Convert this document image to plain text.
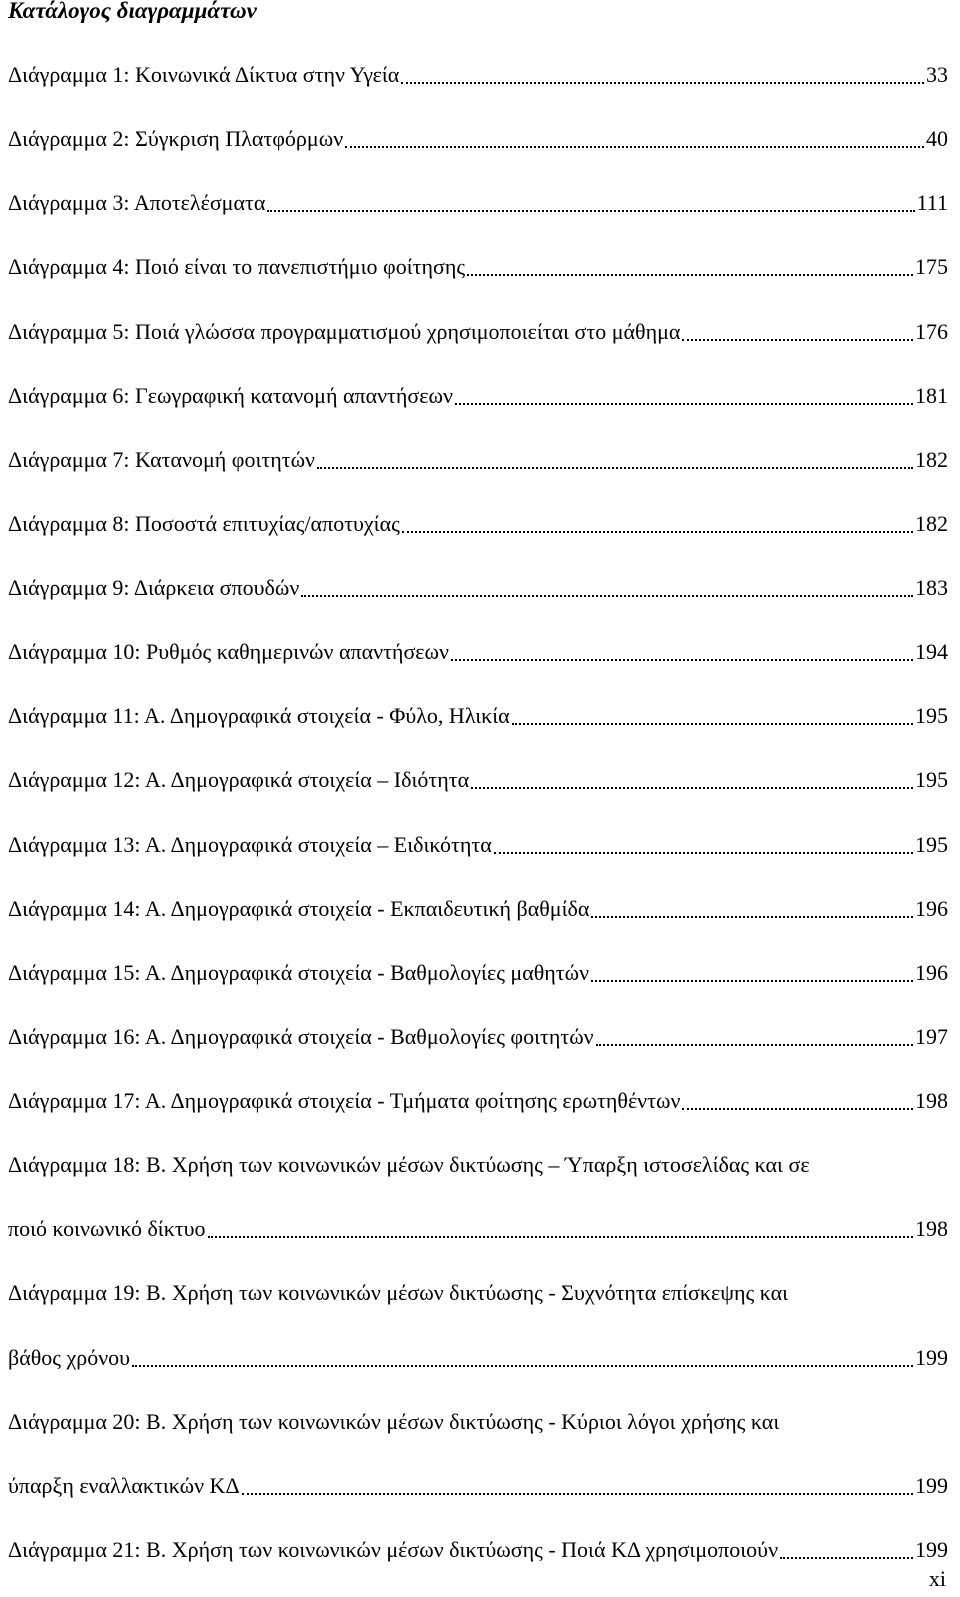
Κατάλογος διαγραμμάτων
Διάγραμμα 1: Κοινωνικά Δίκτυα στην Υγεία	33
Διάγραμμα 2: Σύγκριση Πλατφόρμων	40
Διάγραμμα 3: Αποτελέσματα	111
Διάγραμμα 4: Ποιό είναι το πανεπιστήμιο φοίτησης	175
Διάγραμμα 5: Ποιά γλώσσα προγραμματισμού χρησιμοποιείται στο μάθημα	176
Διάγραμμα 6: Γεωγραφική κατανομή απαντήσεων	181
Διάγραμμα 7: Κατανομή φοιτητών	182
Διάγραμμα 8: Ποσοστά επιτυχίας/αποτυχίας	182
Διάγραμμα 9: Διάρκεια σπουδών	183
Διάγραμμα 10: Ρυθμός καθημερινών απαντήσεων	194
Διάγραμμα 11: Α. Δημογραφικά στοιχεία - Φύλο, Ηλικία	195
Διάγραμμα 12: Α. Δημογραφικά στοιχεία – Ιδιότητα	195
Διάγραμμα 13: Α. Δημογραφικά στοιχεία – Ειδικότητα	195
Διάγραμμα 14: Α. Δημογραφικά στοιχεία - Εκπαιδευτική βαθμίδα	196
Διάγραμμα 15: Α. Δημογραφικά στοιχεία - Βαθμολογίες μαθητών	196
Διάγραμμα 16: Α. Δημογραφικά στοιχεία - Βαθμολογίες φοιτητών	197
Διάγραμμα 17: Α. Δημογραφικά στοιχεία - Τμήματα φοίτησης ερωτηθέντων	198
Διάγραμμα 18: Β. Χρήση των κοινωνικών μέσων δικτύωσης – Ύπαρξη ιστοσελίδας και σε
ποιό κοινωνικό δίκτυο	198
Διάγραμμα 19: Β. Χρήση των κοινωνικών μέσων δικτύωσης - Συχνότητα επίσκεψης και
βάθος χρόνου	199
Διάγραμμα 20: Β. Χρήση των κοινωνικών μέσων δικτύωσης - Κύριοι λόγοι χρήσης και
ύπαρξη εναλλακτικών ΚΔ	199
Διάγραμμα 21: Β. Χρήση των κοινωνικών μέσων δικτύωσης - Ποιά ΚΔ χρησιμοποιούν	199
xi
